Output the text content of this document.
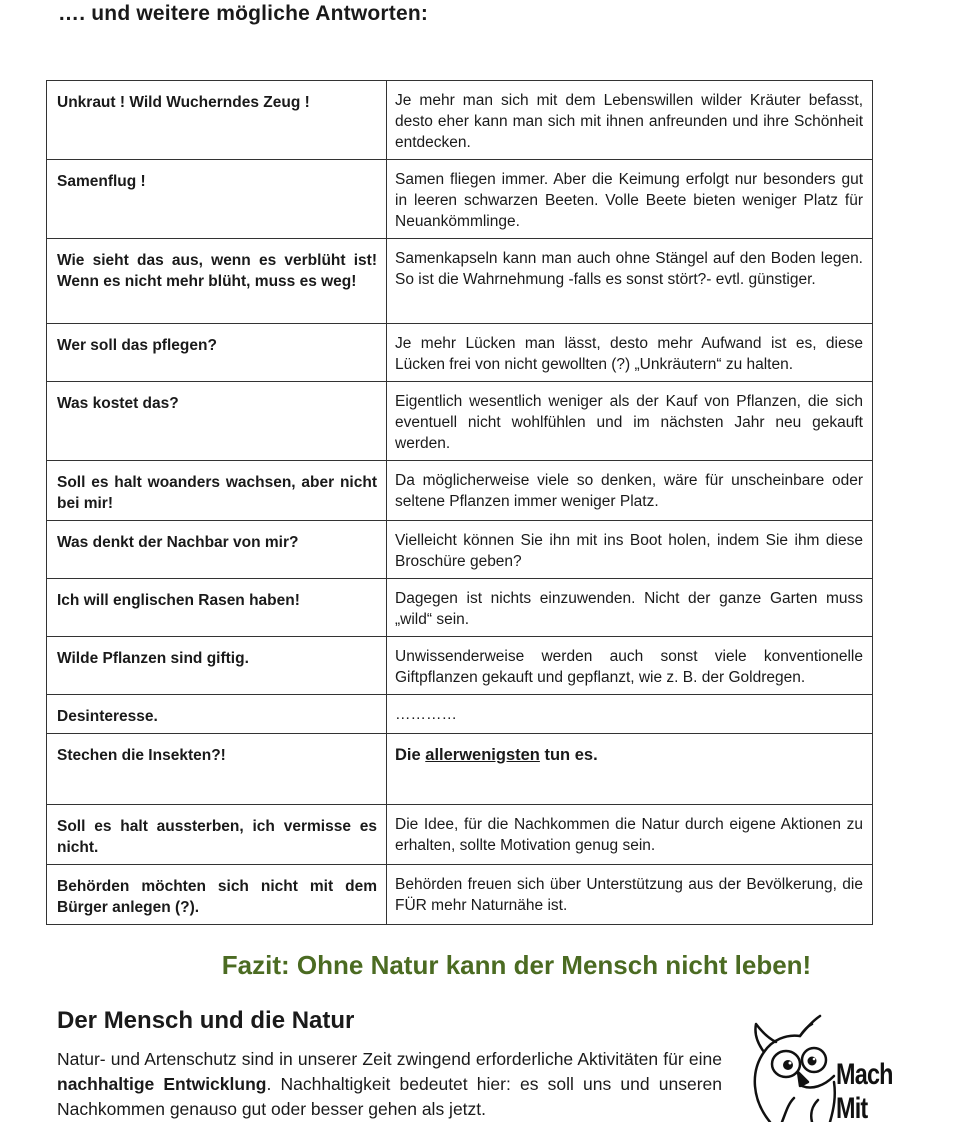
…. und weitere mögliche Antworten:
Unkraut ! Wild Wucherndes Zeug !	Je mehr man sich mit dem Lebenswillen wilder Kräuter befasst, desto eher kann man sich mit ihnen anfreunden und ihre Schönheit entdecken.
Samenflug !	Samen fliegen immer. Aber die Keimung erfolgt nur besonders gut in leeren schwarzen Beeten. Volle Beete bieten weniger Platz für Neuankömmlinge.
Wie sieht das aus, wenn es verblüht ist! Wenn es nicht mehr blüht, muss es weg!	Samenkapseln kann man auch ohne Stängel auf den Boden legen. So ist die Wahrnehmung -falls es sonst stört?- evtl. günstiger.
Wer soll das pflegen?	Je mehr Lücken man lässt, desto mehr Aufwand ist es, diese Lücken frei von nicht gewollten (?) „Unkräutern“ zu halten.
Was kostet das?	Eigentlich wesentlich weniger als der Kauf von Pflanzen, die sich eventuell nicht wohlfühlen und im nächsten Jahr neu gekauft werden.
Soll es halt woanders wachsen, aber nicht bei mir!	Da möglicherweise viele so denken, wäre für unscheinbare oder seltene Pflanzen immer weniger Platz.
Was denkt der Nachbar von mir?	Vielleicht können Sie ihn mit ins Boot holen, indem Sie ihm diese Broschüre geben?
Ich will englischen Rasen haben!	Dagegen ist nichts einzuwenden. Nicht der ganze Garten muss „wild“ sein.
Wilde Pflanzen sind giftig.	Unwissenderweise werden auch sonst viele konventionelle Giftpflanzen gekauft und gepflanzt, wie z. B. der Goldregen.
Desinteresse.	…………
Stechen die Insekten?!	Die allerwenigsten tun es.
Soll es halt aussterben, ich vermisse es nicht.	Die Idee, für die Nachkommen die Natur durch eigene Aktionen zu erhalten, sollte Motivation genug sein.
Behörden möchten sich nicht mit dem Bürger anlegen (?).	Behörden freuen sich über Unterstützung aus der Bevölkerung, die FÜR mehr Naturnähe ist.
Fazit: Ohne Natur kann der Mensch nicht leben!
Der Mensch und die Natur
Natur- und Artenschutz sind in unserer Zeit zwingend erforderliche Aktivitäten für eine nachhaltige Entwicklung. Nachhaltigkeit bedeutet hier: es soll uns und unseren Nachkommen genauso gut oder besser gehen als jetzt.
Mach Mit
